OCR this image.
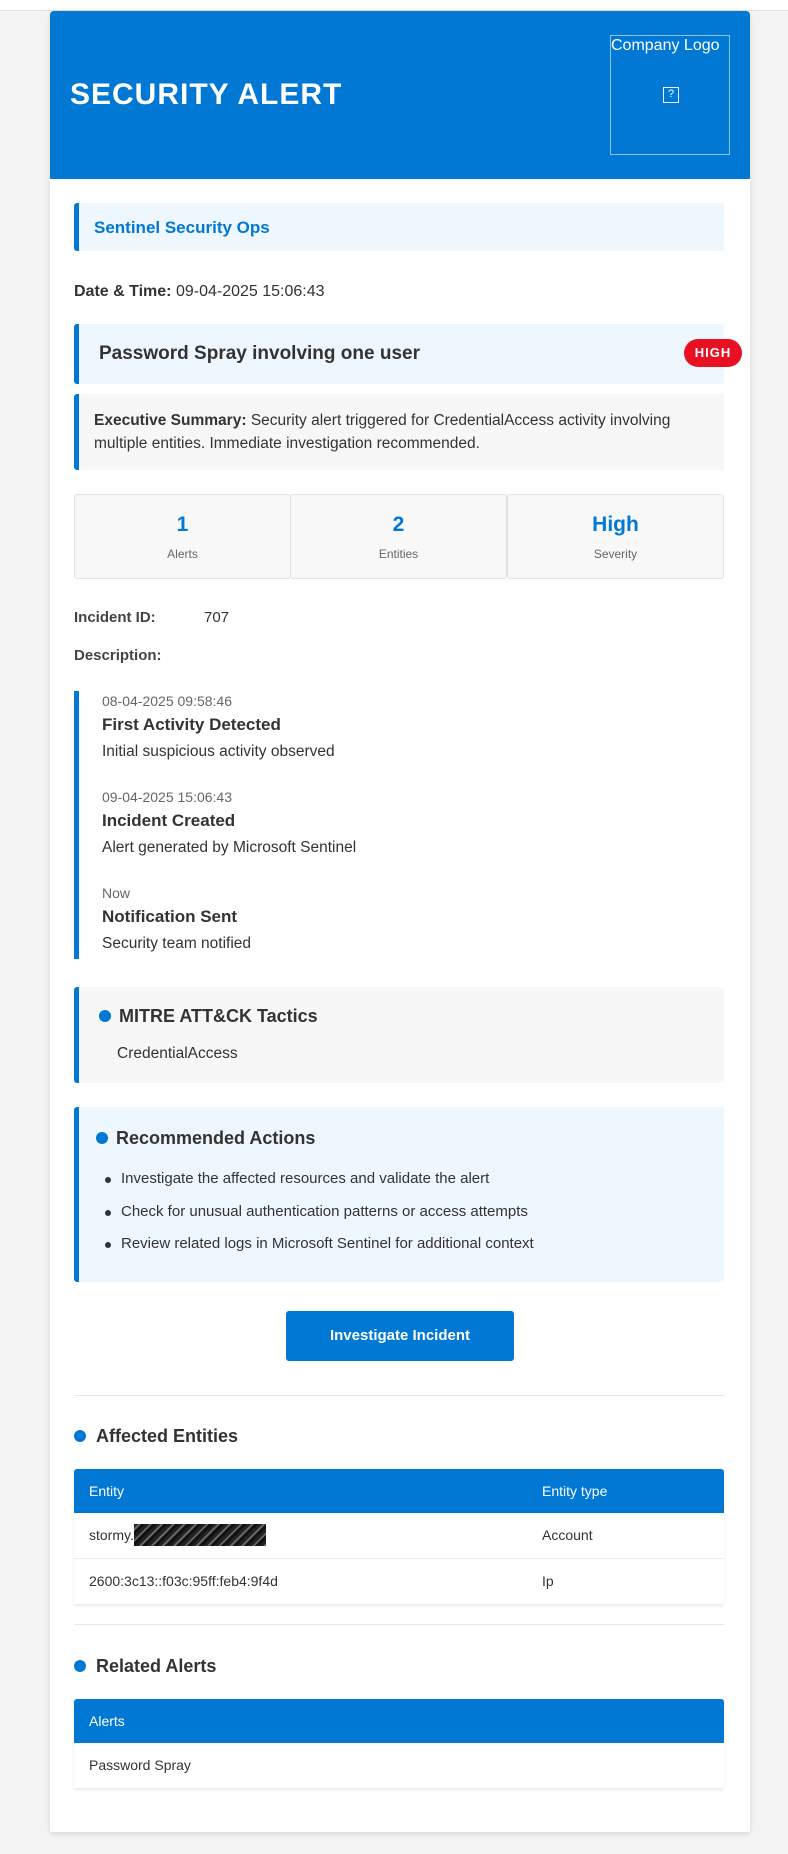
SECURITY ALERT
Company Logo
?
Sentinel Security Ops
Date & Time: 09-04-2025 15:06:43
Password Spray involving one user	HIGH

Executive Summary: Security alert triggered for CredentialAccess activity involving multiple entities. Immediate investigation recommended.

1
Alerts
2
Entities
High
Severity
Incident ID:	707
Description:
08-04-2025 09:58:46
First Activity Detected
Initial suspicious activity observed
09-04-2025 15:06:43
Incident Created
Alert generated by Microsoft Sentinel
Now
Notification Sent
Security team notified
MITRE ATT&CK Tactics
CredentialAccess
Recommended Actions
Investigate the affected resources and validate the alert
Check for unusual authentication patterns or access attempts
Review related logs in Microsoft Sentinel for additional context
Investigate Incident
Affected Entities
Entity	Entity type
stormy.	Account
2600:3c13::f03c:95ff:feb4:9f4d	Ip
Related Alerts
Alerts
Password Spray
